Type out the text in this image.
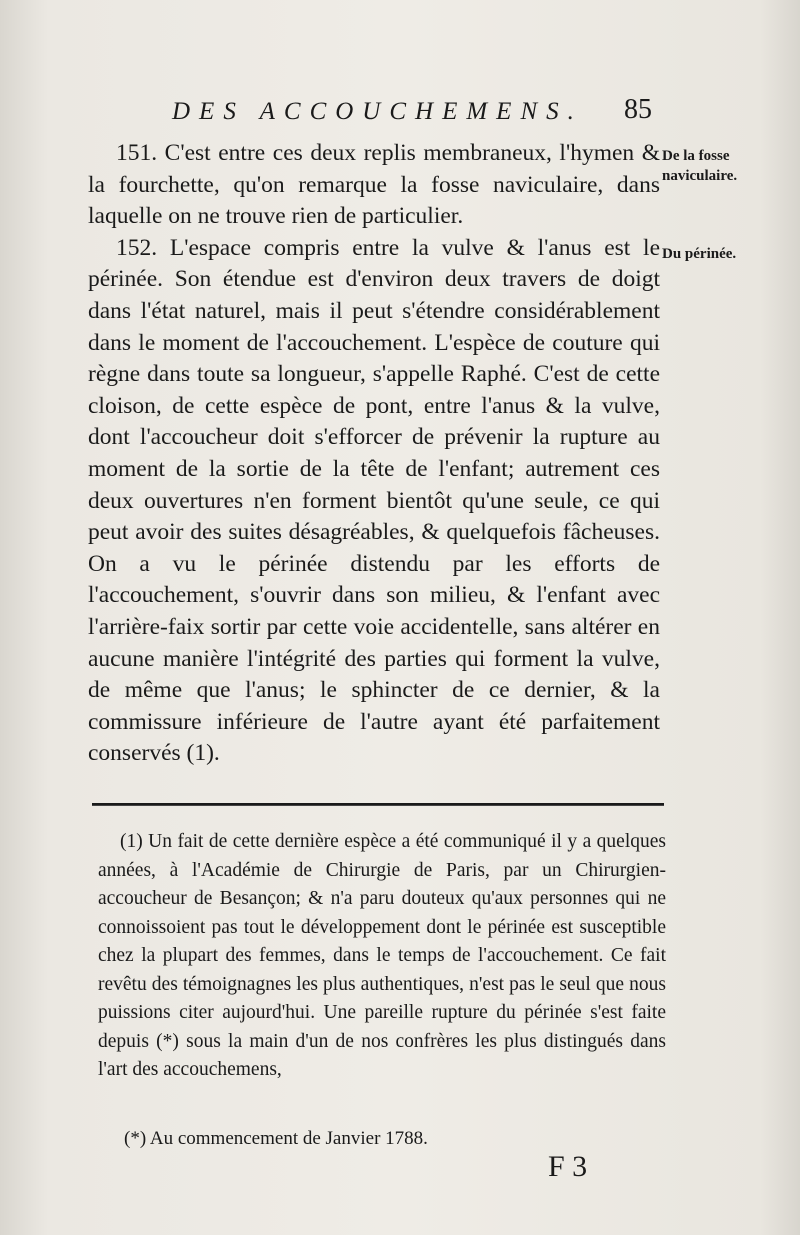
DES ACCOUCHEMENS. 85
De la fosse naviculaire.
Du périnée.

151. C'est entre ces deux replis membraneux, l'hymen & la fourchette, qu'on remarque la fosse naviculaire, dans laquelle on ne trouve rien de particulier.

152. L'espace compris entre la vulve & l'anus est le périnée. Son étendue est d'environ deux travers de doigt dans l'état naturel, mais il peut s'étendre considérablement dans le moment de l'accouchement. L'espèce de couture qui règne dans toute sa longueur, s'appelle Raphé. C'est de cette cloison, de cette espèce de pont, entre l'anus & la vulve, dont l'accoucheur doit s'efforcer de prévenir la rupture au moment de la sortie de la tête de l'enfant; autrement ces deux ouvertures n'en forment bientôt qu'une seule, ce qui peut avoir des suites désagréables, & quelquefois fâcheuses. On a vu le périnée distendu par les efforts de l'accouchement, s'ouvrir dans son milieu, & l'enfant avec l'arrière-faix sortir par cette voie accidentelle, sans altérer en aucune manière l'intégrité des parties qui forment la vulve, de même que l'anus; le sphincter de ce dernier, & la commissure inférieure de l'autre ayant été parfaitement conservés (1).

(1) Un fait de cette dernière espèce a été communiqué il y a quelques années, à l'Académie de Chirurgie de Paris, par un Chirurgien-accoucheur de Besançon; & n'a paru douteux qu'aux personnes qui ne connoissoient pas tout le développement dont le périnée est susceptible chez la plupart des femmes, dans le temps de l'accouchement. Ce fait revêtu des témoignagnes les plus authentiques, n'est pas le seul que nous puissions citer aujourd'hui. Une pareille rupture du périnée s'est faite depuis (*) sous la main d'un de nos confrères les plus distingués dans l'art des accouchemens,

(*) Au commencement de Janvier 1788.
F 3
